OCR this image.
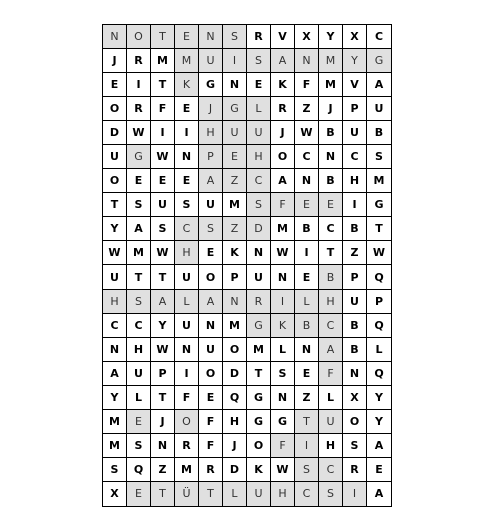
N	O	T	E	N	S	R	V	X	Y	X	C
J	R	M	M	U	I	S	A	N	M	Y	G
E	I	T	K	G	N	E	K	F	M	V	A
O	R	F	E	J	G	L	R	Z	J	P	U
D	W	I	I	H	U	U	J	W	B	U	B
U	G	W	N	P	E	H	O	C	N	C	S
O	E	E	E	A	Z	C	A	N	B	H	M
T	S	U	S	U	M	S	F	E	E	I	G
Y	A	S	C	S	Z	D	M	B	C	B	T
W	M	W	H	E	K	N	W	I	T	Z	W
U	T	T	U	O	P	U	N	E	B	P	Q
H	S	A	L	A	N	R	I	L	H	U	P
C	C	Y	U	N	M	G	K	B	C	B	Q
N	H	W	N	U	O	M	L	N	A	B	L
A	U	P	I	O	D	T	S	E	F	N	Q
Y	L	T	F	E	Q	G	N	Z	L	X	Y
M	E	J	O	F	H	G	G	T	U	O	Y
M	S	N	R	F	J	O	F	I	H	S	A
S	Q	Z	M	R	D	K	W	S	C	R	E
X	E	T	Ü	T	L	U	H	C	S	I	A
